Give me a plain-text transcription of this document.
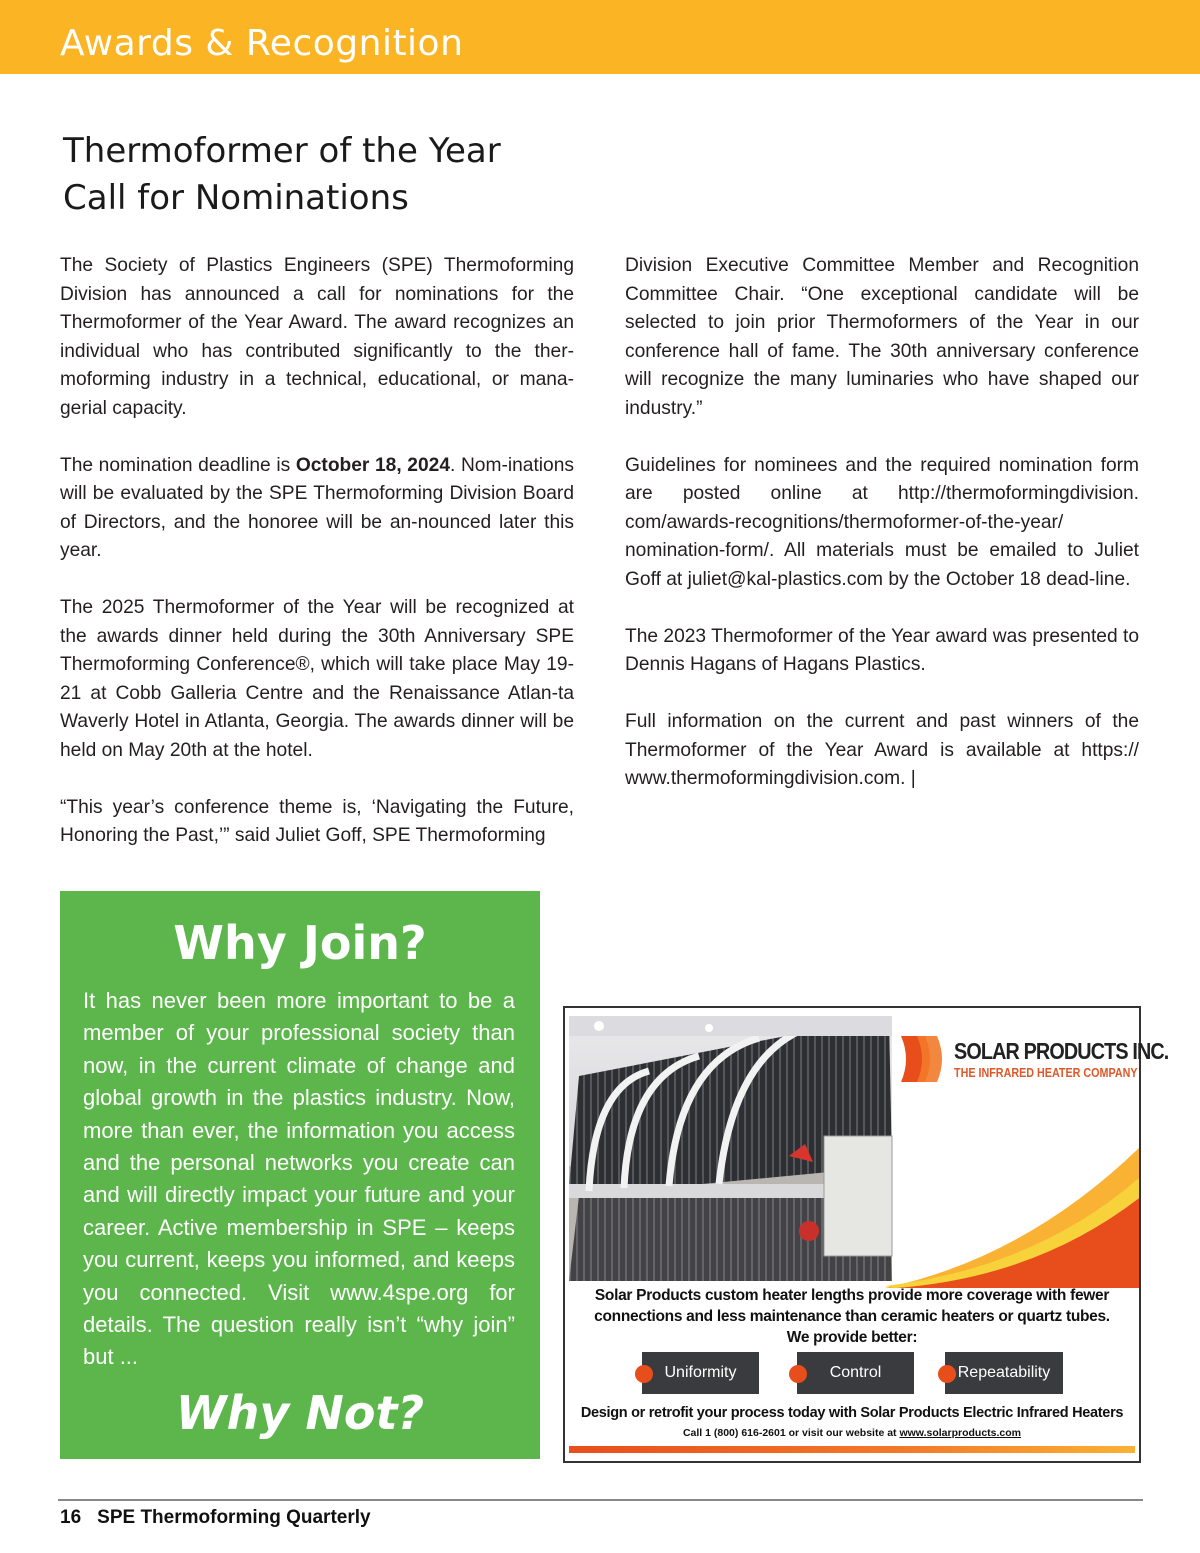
Awards & Recognition
Thermoformer of the Year
Call for Nominations

The Society of Plastics Engineers (SPE) Thermoforming Division has announced a call for nominations for the Thermoformer of the Year Award. The award recognizes an individual who has contributed significantly to the ther-moforming industry in a technical, educational, or mana-gerial capacity.

The nomination deadline is October 18, 2024. Nom-inations will be evaluated by the SPE Thermoforming Division Board of Directors, and the honoree will be an-nounced later this year.

The 2025 Thermoformer of the Year will be recognized at the awards dinner held during the 30th Anniversary SPE Thermoforming Conference®, which will take place May 19-21 at Cobb Galleria Centre and the Renaissance Atlan-ta Waverly Hotel in Atlanta, Georgia. The awards dinner will be held on May 20th at the hotel.

“This year’s conference theme is, ‘Navigating the Future, Honoring the Past,’” said Juliet Goff, SPE Thermoforming

Division Executive Committee Member and Recognition Committee Chair. “One exceptional candidate will be selected to join prior Thermoformers of the Year in our conference hall of fame. The 30th anniversary conference will recognize the many luminaries who have shaped our industry.”

Guidelines for nominees and the required nomination form are posted online at http://thermoformingdivision. com/awards-recognitions/thermoformer-of-the-year/ nomination-form/. All materials must be emailed to Juliet Goff at juliet@kal-plastics.com by the October 18 dead-line.

The 2023 Thermoformer of the Year award was presented to Dennis Hagans of Hagans Plastics.

Full information on the current and past winners of the Thermoformer of the Year Award is available at https:// www.thermoformingdivision.com. |

Why Join?
It has never been more important to be a member of your professional society than now, in the current climate of change and global growth in the plastics industry. Now, more than ever, the information you access and the personal networks you create can and will directly impact your future and your career. Active membership in SPE – keeps you current, keeps you informed, and keeps you connected. Visit www.4spe.org for details. The question really isn’t “why join” but ...
Why Not?
SOLAR PRODUCTS INC.
THE INFRARED HEATER COMPANY
Solar Products custom heater lengths provide more coverage with fewer
connections and less maintenance than ceramic heaters or quartz tubes.
We provide better:
Uniformity	Control	Repeatability
Design or retrofit your process today with Solar Products Electric Infrared Heaters
Call 1 (800) 616-2601 or visit our website at www.solarproducts.com
16 SPE Thermoforming Quarterly
